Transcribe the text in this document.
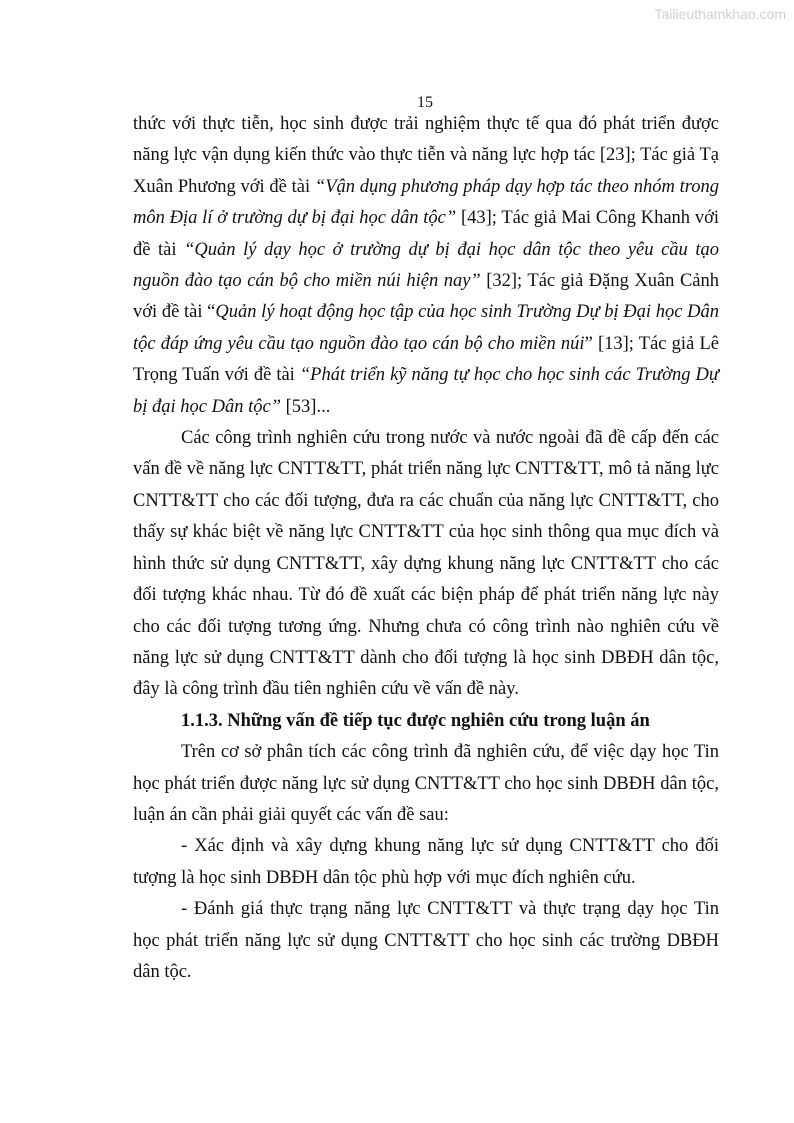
Tailieuthamkhao.com
15

thức với thực tiễn, học sinh được trải nghiệm thực tế qua đó phát triển được năng lực vận dụng kiến thức vào thực tiễn và năng lực hợp tác [23]; Tác giả Tạ Xuân Phương với đề tài “Vận dụng phương pháp dạy hợp tác theo nhóm trong môn Địa lí ở trường dự bị đại học dân tộc” [43]; Tác giả Mai Công Khanh với đề tài “Quản lý dạy học ở trường dự bị đại học dân tộc theo yêu cầu tạo nguồn đào tạo cán bộ cho miền núi hiện nay” [32]; Tác giả Đặng Xuân Cảnh với đề tài “Quản lý hoạt động học tập của học sinh Trường Dự bị Đại học Dân tộc đáp ứng yêu cầu tạo nguồn đào tạo cán bộ cho miền núi” [13]; Tác giả Lê Trọng Tuấn với đề tài “Phát triển kỹ năng tự học cho học sinh các Trường Dự bị đại học Dân tộc” [53]...

Các công trình nghiên cứu trong nước và nước ngoài đã đề cấp đến các vấn đề về năng lực CNTT&TT, phát triển năng lực CNTT&TT, mô tả năng lực CNTT&TT cho các đối tượng, đưa ra các chuẩn của năng lực CNTT&TT, cho thấy sự khác biệt về năng lực CNTT&TT của học sinh thông qua mục đích và hình thức sử dụng CNTT&TT, xây dựng khung năng lực CNTT&TT cho các đối tượng khác nhau. Từ đó đề xuất các biện pháp để phát triển năng lực này cho các đối tượng tương ứng. Nhưng chưa có công trình nào nghiên cứu về năng lực sử dụng CNTT&TT dành cho đối tượng là học sinh DBĐH dân tộc, đây là công trình đầu tiên nghiên cứu về vấn đề này.

1.1.3. Những vấn đề tiếp tục được nghiên cứu trong luận án

Trên cơ sở phân tích các công trình đã nghiên cứu, để việc dạy học Tin học phát triển được năng lực sử dụng CNTT&TT cho học sinh DBĐH dân tộc, luận án cần phải giải quyết các vấn đề sau:

- Xác định và xây dựng khung năng lực sử dụng CNTT&TT cho đối tượng là học sinh DBĐH dân tộc phù hợp với mục đích nghiên cứu.

- Đánh giá thực trạng năng lực CNTT&TT và thực trạng dạy học Tin học phát triển năng lực sử dụng CNTT&TT cho học sinh các trường DBĐH dân tộc.
